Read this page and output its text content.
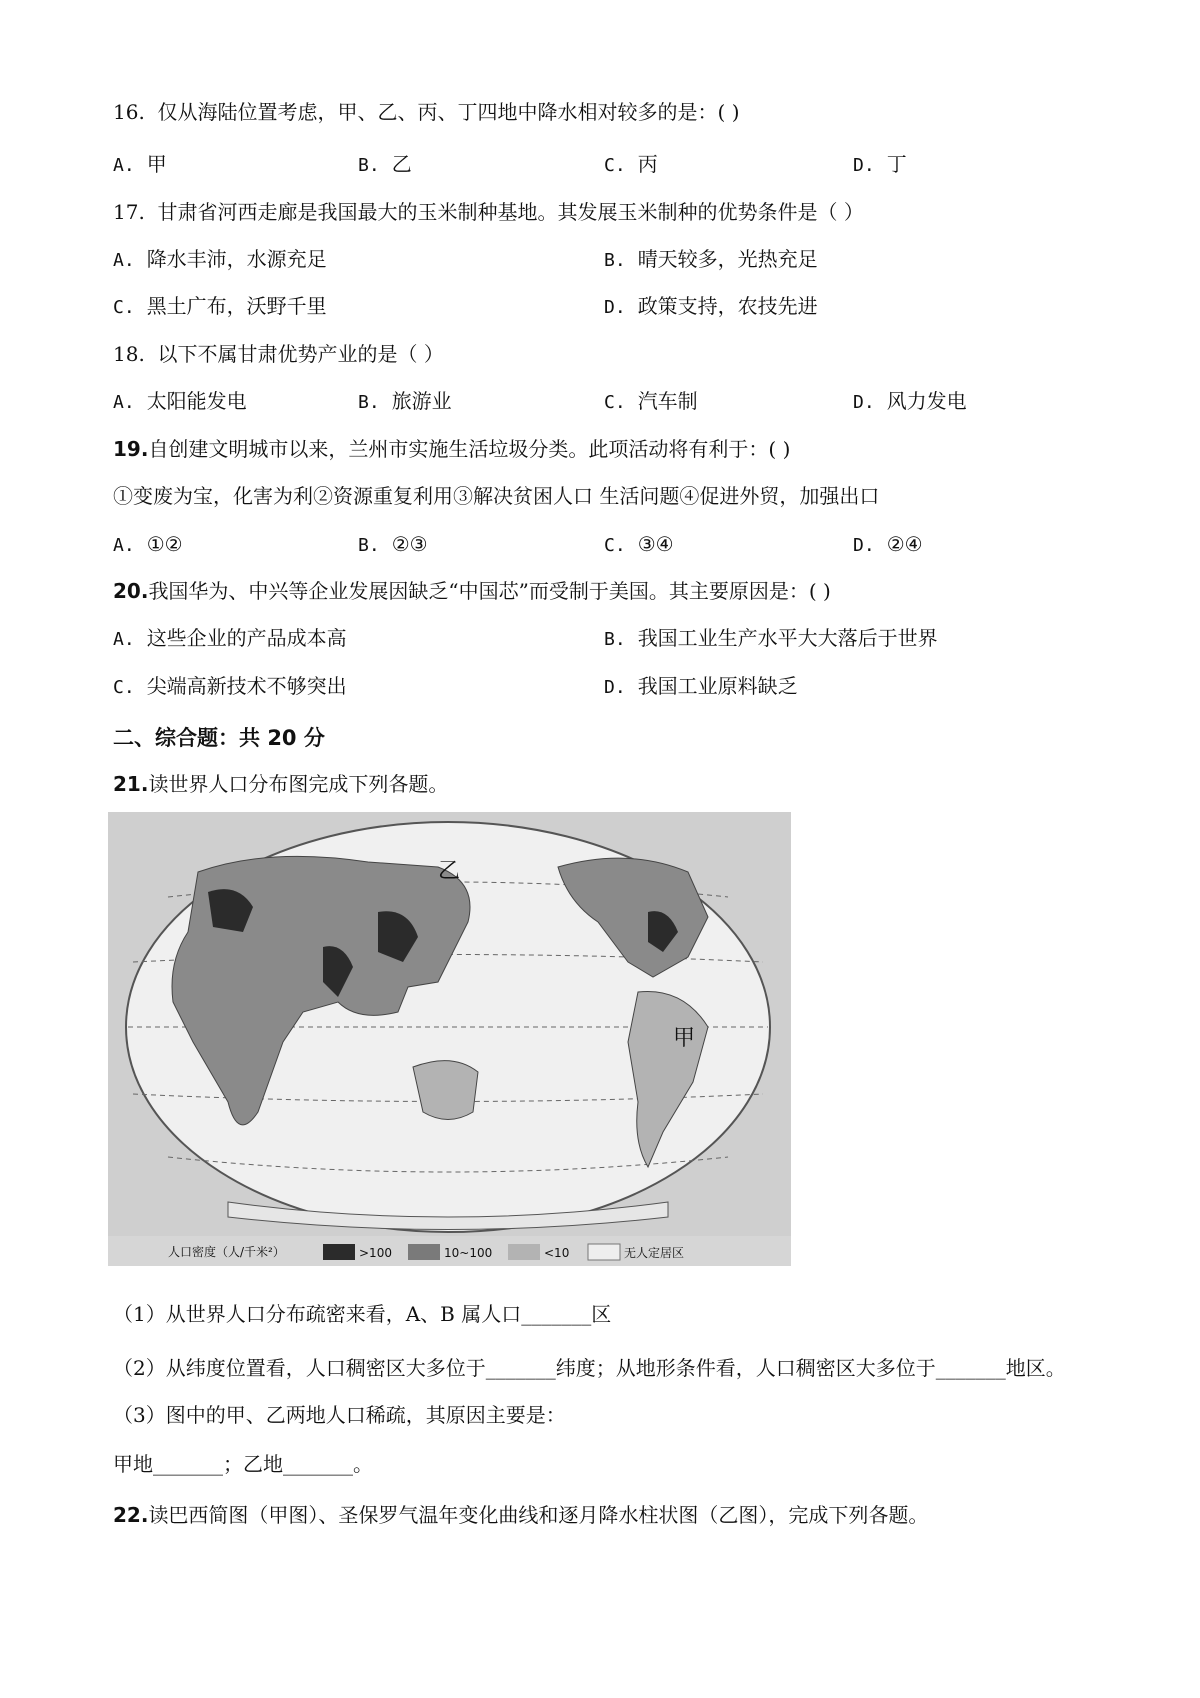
16. 仅从海陆位置考虑，甲、乙、丙、丁四地中降水相对较多的是：( )
A. 甲	B. 乙	C. 丙	D. 丁
17. 甘肃省河西走廊是我国最大的玉米制种基地。其发展玉米制种的优势条件是（ ）
A. 降水丰沛，水源充足	B. 晴天较多，光热充足
C. 黑土广布，沃野千里	D. 政策支持，农技先进
18. 以下不属甘肃优势产业的是（ ）
A. 太阳能发电	B. 旅游业	C. 汽车制	D. 风力发电
19.自创建文明城市以来，兰州市实施生活垃圾分类。此项活动将有利于：( )
①变废为宝，化害为利②资源重复利用③解决贫困人口 生活问题④促进外贸，加强出口
A. ①②	B. ②③	C. ③④	D. ②④
20.我国华为、中兴等企业发展因缺乏“中国芯”而受制于美国。其主要原因是：( )
A. 这些企业的产品成本高	B. 我国工业生产水平大大落后于世界
C. 尖端高新技术不够突出	D. 我国工业原料缺乏
二、综合题：共 20 分
21.读世界人口分布图完成下列各题。
人口密度（人/千米²）	>100	10~100	<10	无人定居区
乙
甲
（1）从世界人口分布疏密来看，A、B 属人口_______区
（2）从纬度位置看，人口稠密区大多位于_______纬度；从地形条件看，人口稠密区大多位于_______地区。
（3）图中的甲、乙两地人口稀疏，其原因主要是：
甲地_______；乙地_______。
22.读巴西简图（甲图）、圣保罗气温年变化曲线和逐月降水柱状图（乙图），完成下列各题。
